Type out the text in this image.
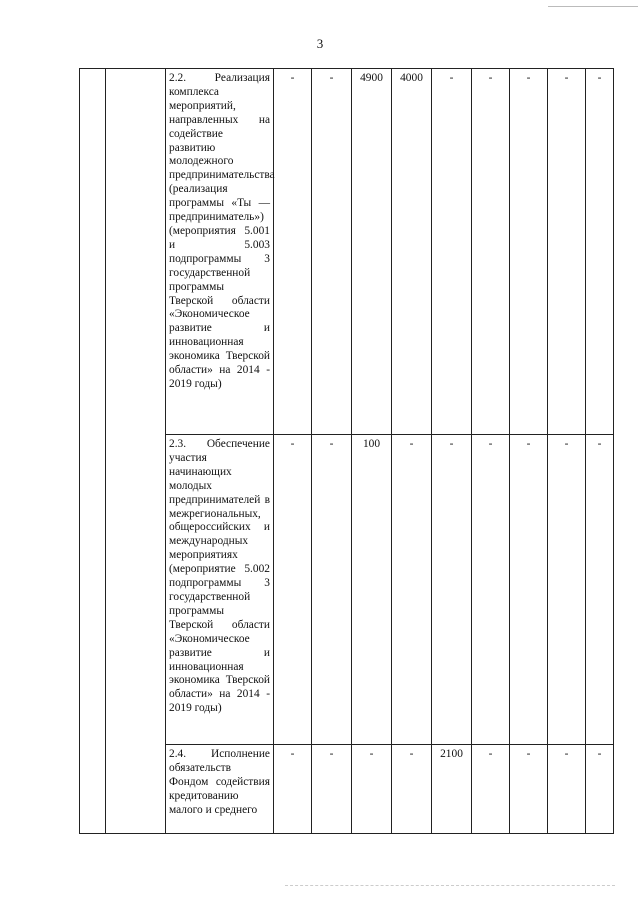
3
		2.2. Реализация комплекса мероприятий, направленных на содействие развитию молодежного предпринимательства (реализация программы «Ты — предприниматель») (мероприятия 5.001 и 5.003 подпрограммы 3 государственной программы Тверской области «Экономическое развитие и инновационная экономика Тверской области» на 2014 - 2019 годы)	-	-	4900	4000	-	-	-	-	-
		2.3. Обеспечение участия начинающих молодых предпринимателей в межрегиональных, общероссийских и международных мероприятиях (мероприятие 5.002 подпрограммы 3 государственной программы Тверской области «Экономическое развитие и инновационная экономика Тверской области» на 2014 - 2019 годы)	-	-	100	-	-	-	-	-	-
		2.4. Исполнение обязательств Фондом содействия кредитованию малого и среднего	-	-	-	-	2100	-	-	-	-
